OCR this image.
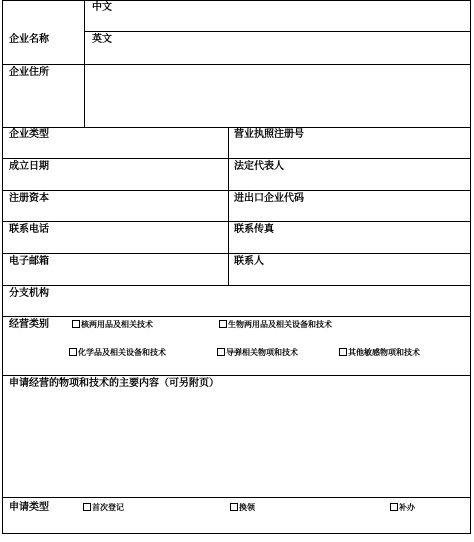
企业名称
中文
英文
企业住所
企业类型	营业执照注册号
成立日期	法定代表人
注册资本	进出口企业代码
联系电话	联系传真
电子邮箱	联系人
分支机构
经营类别	核两用品及相关技术	生物两用品及相关设备和技术
化学品及相关设备和技术	导弹相关物项和技术	其他敏感物项和技术
申请经营的物项和技术的主要内容（可另附页）
申请类型	首次登记	换领	补办
